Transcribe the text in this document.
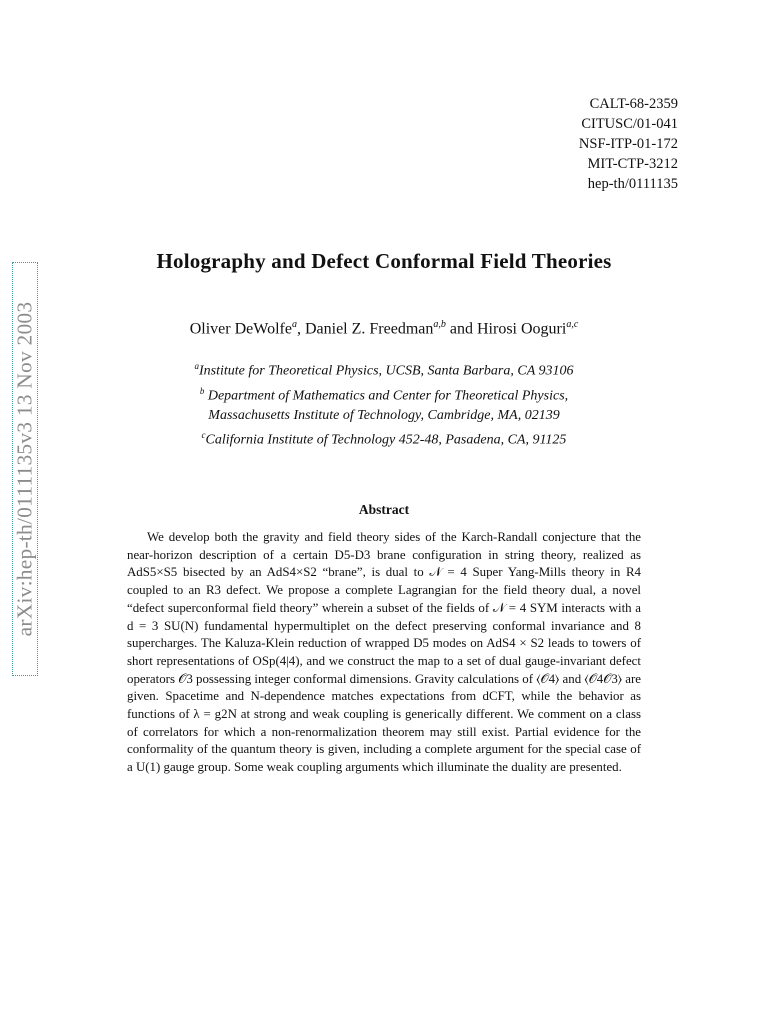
CALT-68-2359
CITUSC/01-041
NSF-ITP-01-172
MIT-CTP-3212
hep-th/0111135
arXiv:hep-th/0111135v3 13 Nov 2003
Holography and Defect Conformal Field Theories
Oliver DeWolfe$^a$, Daniel Z. Freedman$^{a,b}$ and Hirosi Ooguri$^{a,c}$
$^a$Institute for Theoretical Physics, UCSB, Santa Barbara, CA 93106
$^b$ Department of Mathematics and Center for Theoretical Physics,
Massachusetts Institute of Technology, Cambridge, MA, 02139
$^c$California Institute of Technology 452-48, Pasadena, CA, 91125
Abstract
We develop both the gravity and field theory sides of the Karch-Randall conjecture that the near-horizon description of a certain D5-D3 brane configuration in string theory, realized as AdS5×S5 bisected by an AdS4×S2 “brane”, is dual to 𝒩 = 4 Super Yang-Mills theory in R4 coupled to an R3 defect. We propose a complete Lagrangian for the field theory dual, a novel “defect superconformal field theory” wherein a subset of the fields of 𝒩 = 4 SYM interacts with a d = 3 SU(N) fundamental hypermultiplet on the defect preserving conformal invariance and 8 supercharges. The Kaluza-Klein reduction of wrapped D5 modes on AdS4 × S2 leads to towers of short representations of OSp(4|4), and we construct the map to a set of dual gauge-invariant defect operators 𝒪3 possessing integer conformal dimensions. Gravity calculations of ⟨𝒪4⟩ and ⟨𝒪4𝒪3⟩ are given. Spacetime and N-dependence matches expectations from dCFT, while the behavior as functions of λ = g2N at strong and weak coupling is generically different. We comment on a class of correlators for which a non-renormalization theorem may still exist. Partial evidence for the conformality of the quantum theory is given, including a complete argument for the special case of a U(1) gauge group. Some weak coupling arguments which illuminate the duality are presented.
